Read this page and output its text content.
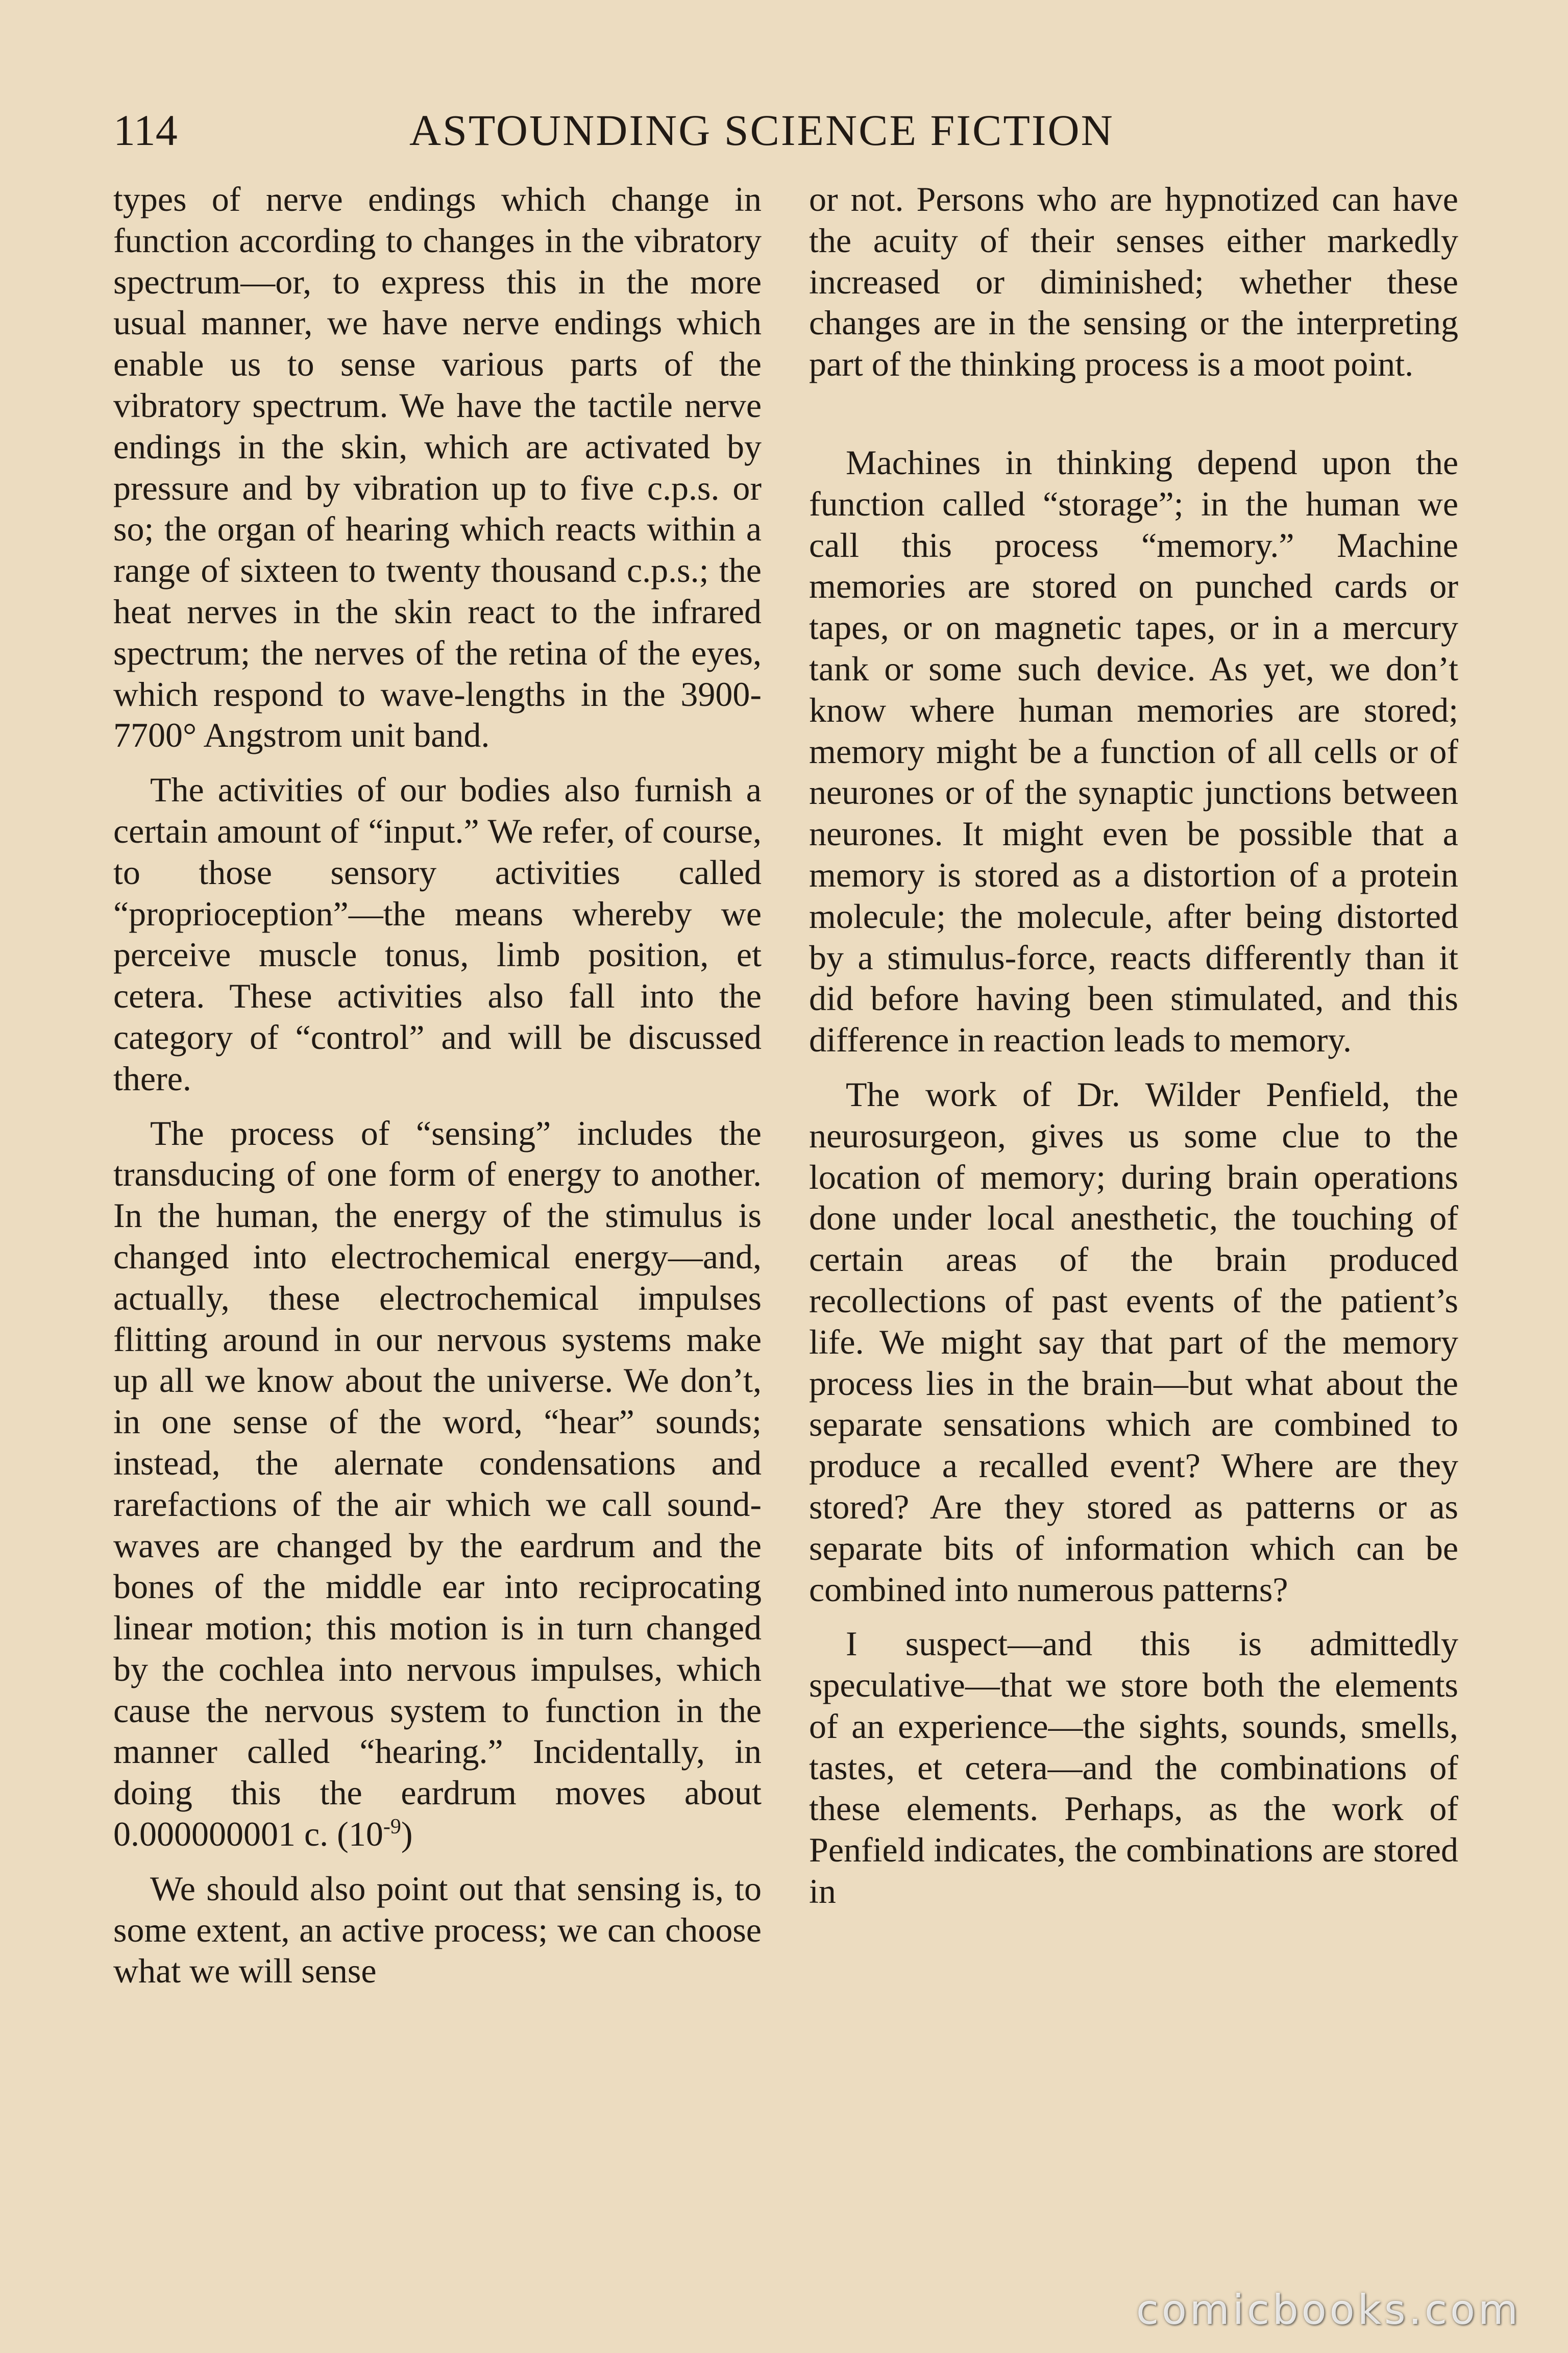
114	ASTOUNDING SCIENCE FICTION

types of nerve endings which change in function according to changes in the vibratory spectrum—or, to express this in the more usual manner, we have nerve endings which enable us to sense various parts of the vibratory spectrum. We have the tactile nerve endings in the skin, which are activated by pressure and by vibration up to five c.p.s. or so; the organ of hearing which reacts within a range of sixteen to twenty thousand c.p.s.; the heat nerves in the skin react to the infrared spectrum; the nerves of the retina of the eyes, which respond to wave-lengths in the 3900-7700° Angstrom unit band.

The activities of our bodies also furnish a certain amount of “input.” We refer, of course, to those sensory activities called “proprioception”—the means whereby we perceive muscle tonus, limb position, et cetera. These activities also fall into the category of “control” and will be discussed there.

The process of “sensing” includes the transducing of one form of energy to another. In the human, the energy of the stimulus is changed into electrochemical energy—and, actually, these electrochemical impulses flitting around in our nervous systems make up all we know about the universe. We don’t, in one sense of the word, “hear” sounds; instead, the alernate condensations and rarefactions of the air which we call sound-waves are changed by the eardrum and the bones of the middle ear into reciprocating linear motion; this motion is in turn changed by the cochlea into nervous impulses, which cause the nervous system to function in the manner called “hearing.” Incidentally, in doing this the eardrum moves about 0.000000001 c. $(10^{-9})$

We should also point out that sensing is, to some extent, an active process; we can choose what we will sense

or not. Persons who are hypnotized can have the acuity of their senses either markedly increased or diminished; whether these changes are in the sensing or the interpreting part of the thinking process is a moot point.

Machines in thinking depend upon the function called “storage”; in the human we call this process “memory.” Machine memories are stored on punched cards or tapes, or on magnetic tapes, or in a mercury tank or some such device. As yet, we don’t know where human memories are stored; memory might be a function of all cells or of neurones or of the synaptic junctions between neurones. It might even be possible that a memory is stored as a distortion of a protein molecule; the molecule, after being distorted by a stimulus-force, reacts differently than it did before having been stimulated, and this difference in reaction leads to memory.

The work of Dr. Wilder Penfield, the neurosurgeon, gives us some clue to the location of memory; during brain operations done under local anesthetic, the touching of certain areas of the brain produced recollections of past events of the patient’s life. We might say that part of the memory process lies in the brain—but what about the separate sensations which are combined to produce a recalled event? Where are they stored? Are they stored as patterns or as separate bits of information which can be combined into numerous patterns?

I suspect—and this is admittedly speculative—that we store both the elements of an experience—the sights, sounds, smells, tastes, et cetera—and the combinations of these elements. Perhaps, as the work of Penfield indicates, the combinations are stored in

comicbooks.com
